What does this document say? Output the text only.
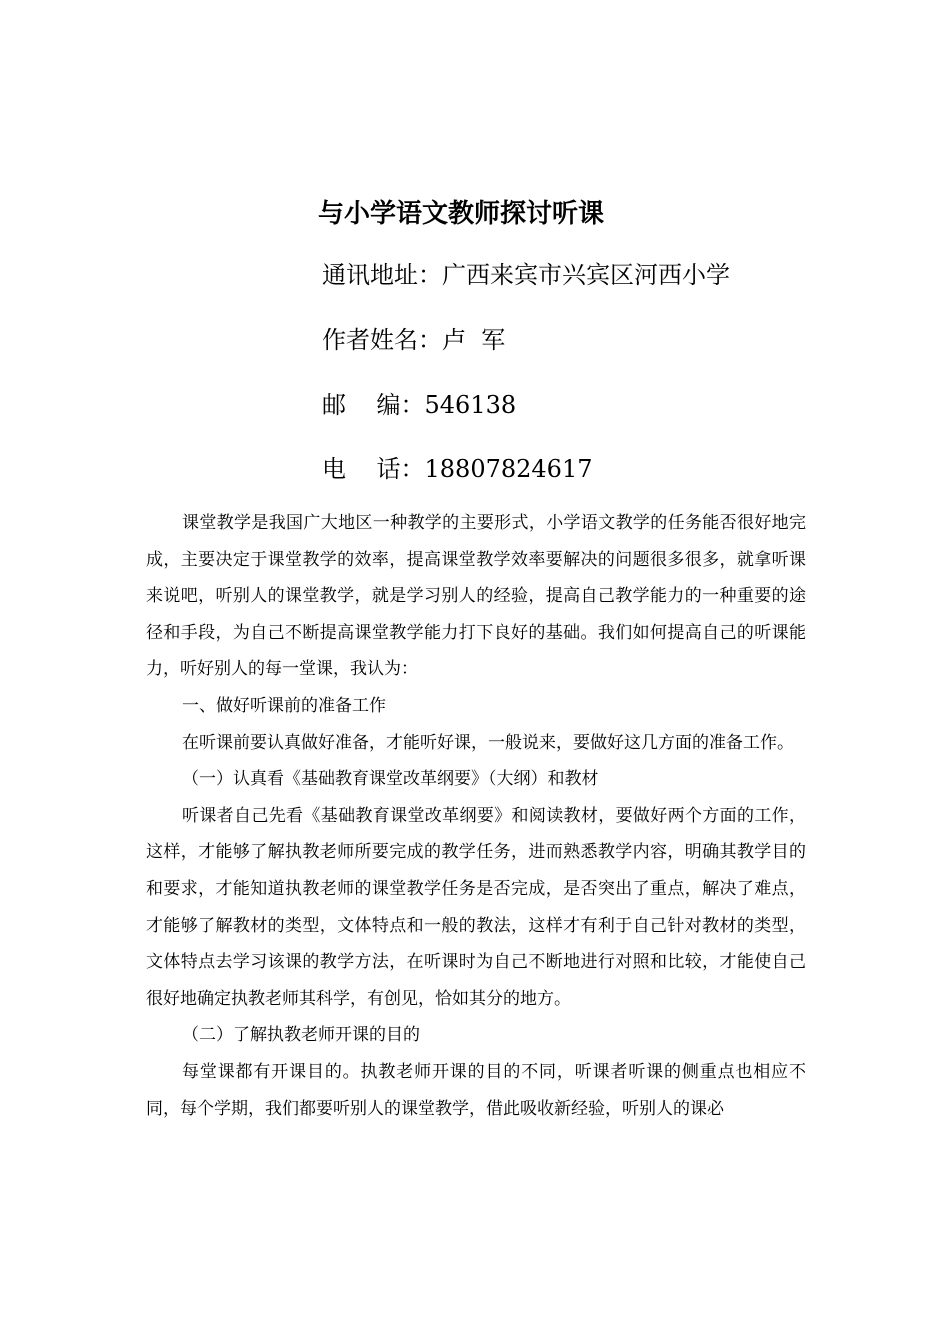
与小学语文教师探讨听课
通讯地址：广西来宾市兴宾区河西小学
作者姓名：卢  军
邮    编：546138
电    话：18807824617

课堂教学是我国广大地区一种教学的主要形式，小学语文教学的任务能否很好地完成，主要决定于课堂教学的效率，提高课堂教学效率要解决的问题很多很多，就拿听课来说吧，听别人的课堂教学，就是学习别人的经验，提高自己教学能力的一种重要的途径和手段，为自己不断提高课堂教学能力打下良好的基础。我们如何提高自己的听课能力，听好别人的每一堂课，我认为：

一、做好听课前的准备工作

在听课前要认真做好准备，才能听好课，一般说来，要做好这几方面的准备工作。

（一）认真看《基础教育课堂改革纲要》（大纲）和教材

听课者自己先看《基础教育课堂改革纲要》和阅读教材，要做好两个方面的工作，这样，才能够了解执教老师所要完成的教学任务，进而熟悉教学内容，明确其教学目的和要求，才能知道执教老师的课堂教学任务是否完成，是否突出了重点，解决了难点，才能够了解教材的类型，文体特点和一般的教法，这样才有利于自己针对教材的类型，文体特点去学习该课的教学方法，在听课时为自己不断地进行对照和比较，才能使自己很好地确定执教老师其科学，有创见，恰如其分的地方。

（二）了解执教老师开课的目的

每堂课都有开课目的。执教老师开课的目的不同，听课者听课的侧重点也相应不同，每个学期，我们都要听别人的课堂教学，借此吸收新经验，听别人的课必
